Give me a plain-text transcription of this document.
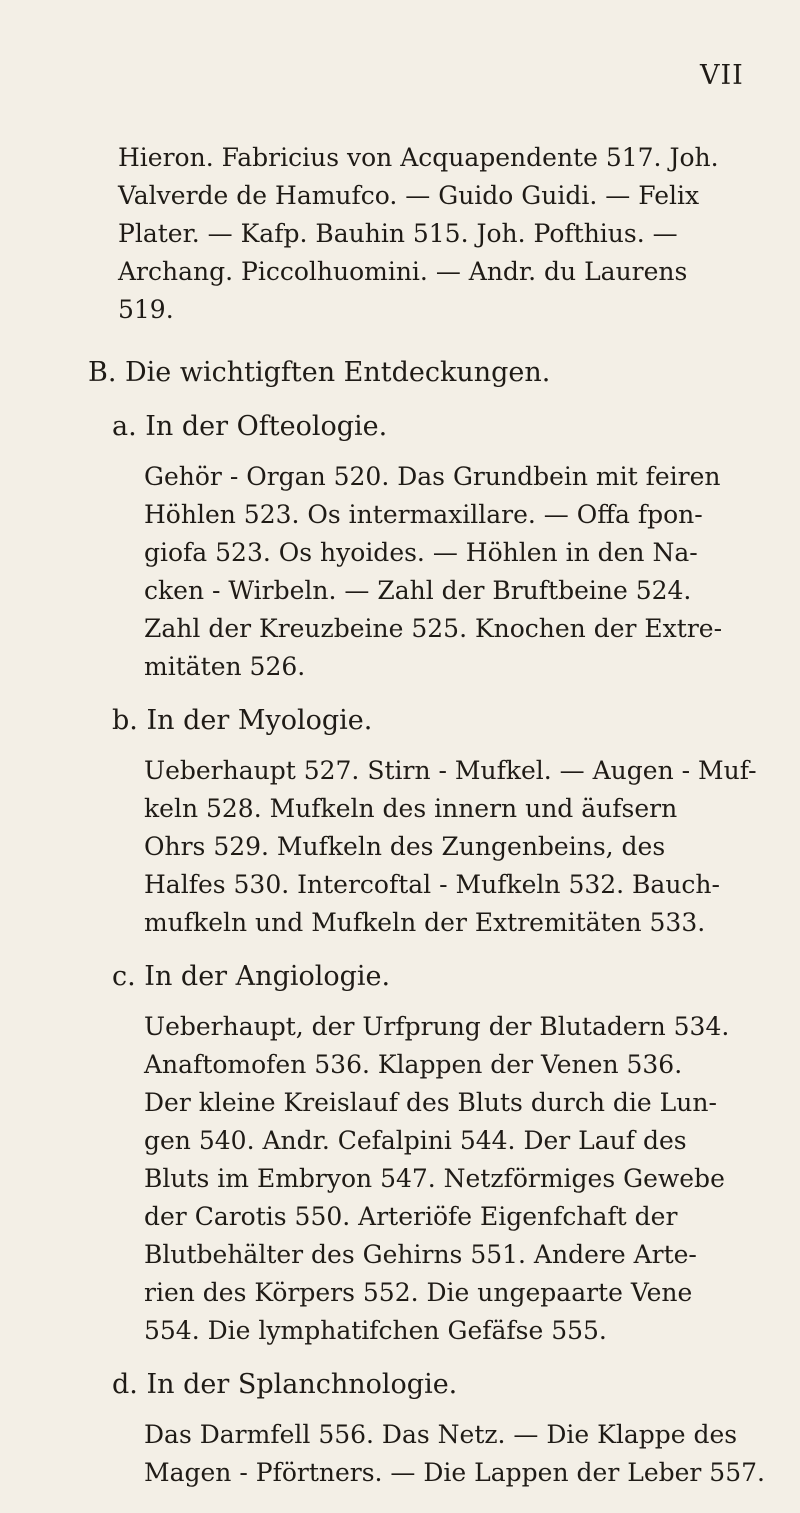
VII
Hieron. Fabricius von Acquapendente 517. Joh.
Valverde de Hamufco. — Guido Guidi. — Felix
Plater. — Kafp. Bauhin 515. Joh. Pofthius. —
Archang. Piccolhuomini. — Andr. du Laurens
519.
B. Die wichtigften Entdeckungen.
a. In der Ofteologie.
Gehör - Organ 520. Das Grundbein mit feiren
Höhlen 523. Os intermaxillare. — Offa fpon-
giofa 523. Os hyoides. — Höhlen in den Na-
cken - Wirbeln. — Zahl der Bruftbeine 524.
Zahl der Kreuzbeine 525. Knochen der Extre-
mitäten 526.
b. In der Myologie.
Ueberhaupt 527. Stirn - Mufkel. — Augen - Muf-
keln 528. Mufkeln des innern und äufsern
Ohrs 529. Mufkeln des Zungenbeins, des
Halfes 530. Intercoftal - Mufkeln 532. Bauch-
mufkeln und Mufkeln der Extremitäten 533.
c. In der Angiologie.
Ueberhaupt, der Urfprung der Blutadern 534.
Anaftomofen 536. Klappen der Venen 536.
Der kleine Kreislauf des Bluts durch die Lun-
gen 540. Andr. Cefalpini 544. Der Lauf des
Bluts im Embryon 547. Netzförmiges Gewebe
der Carotis 550. Arteriöfe Eigenfchaft der
Blutbehälter des Gehirns 551. Andere Arte-
rien des Körpers 552. Die ungepaarte Vene
554. Die lymphatifchen Gefäfse 555.
d. In der Splanchnologie.
Das Darmfell 556. Das Netz. — Die Klappe des
Magen - Pförtners. — Die Lappen der Leber 557.
